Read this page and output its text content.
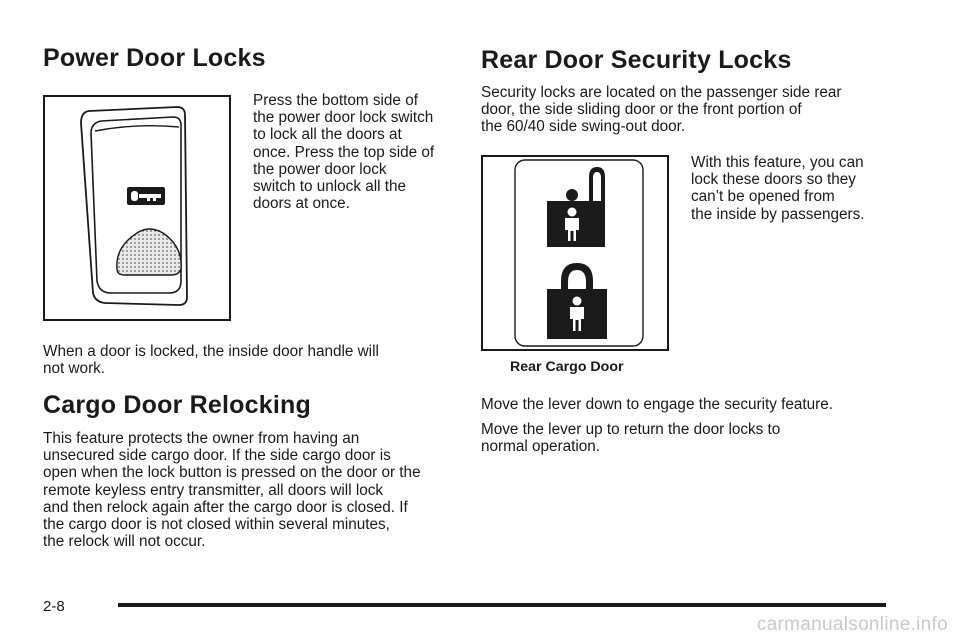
Power Door Locks

Press the bottom side of
the power door lock switch
to lock all the doors at
once. Press the top side of
the power door lock
switch to unlock all the
doors at once.

When a door is locked, the inside door handle will
not work.

Cargo Door Relocking

This feature protects the owner from having an
unsecured side cargo door. If the side cargo door is
open when the lock button is pressed on the door or the
remote keyless entry transmitter, all doors will lock
and then relock again after the cargo door is closed. If
the cargo door is not closed within several minutes,
the relock will not occur.

Rear Door Security Locks

Security locks are located on the passenger side rear
door, the side sliding door or the front portion of
the 60/40 side swing-out door.

Rear Cargo Door

With this feature, you can
lock these doors so they
can’t be opened from
the inside by passengers.

Move the lever down to engage the security feature.

Move the lever up to return the door locks to
normal operation.

2-8
carmanualsonline.info
